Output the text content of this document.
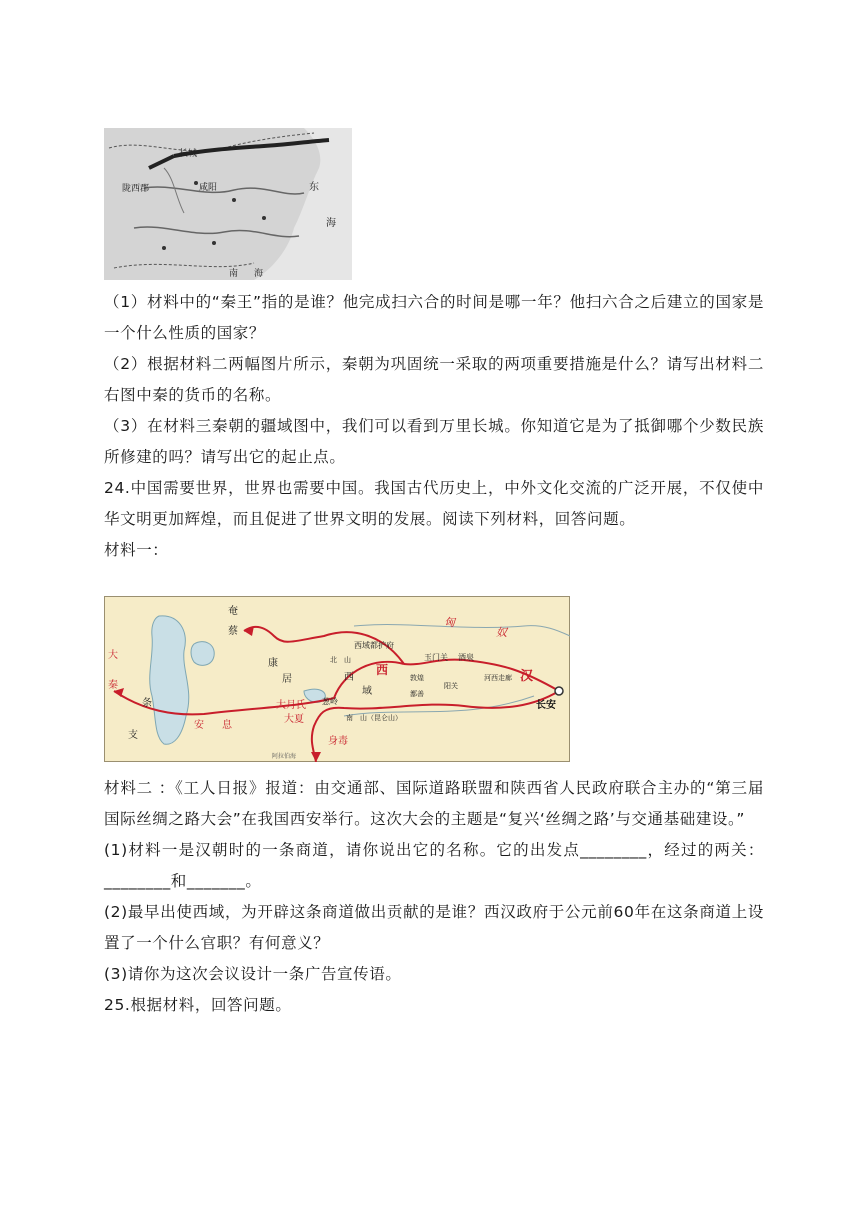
长城
陇西郡	咸阳	东
海
南 海

（1）材料中的“秦王”指的是谁？他完成扫六合的时间是哪一年？他扫六合之后建立的国家是一个什么性质的国家？

（2）根据材料二两幅图片所示，秦朝为巩固统一采取的两项重要措施是什么？请写出材料二右图中秦的货币的名称。

（3）在材料三秦朝的疆域图中，我们可以看到万里长城。你知道它是为了抵御哪个少数民族所修建的吗？请写出它的起止点。

24.中国需要世界，世界也需要中国。我国古代历史上，中外文化交流的广泛开展，不仅使中华文明更加辉煌，而且促进了世界文明的发展。阅读下列材料，回答问题。

材料一：

匈
奴
奄
蔡
康
居
大
秦
条
支
安 息
大月氏
大夏
葱岭
西
域
西
西域都护府
北　山
南　山（昆仑山）
玉门关 酒泉
阳关
敦煌
鄯善
河西走廊 汉
长安
身毒
阿拉伯海

材料二 ：《工人日报》报道：由交通部、国际道路联盟和陕西省人民政府联合主办的“第三届国际丝绸之路大会”在我国西安举行。这次大会的主题是“复兴‘丝绸之路’与交通基础建设。”

(1)材料一是汉朝时的一条商道，请你说出它的名称。它的出发点________，经过的两关：________和_______。

(2)最早出使西域，为开辟这条商道做出贡献的是谁？西汉政府于公元前60年在这条商道上设置了一个什么官职？有何意义？

(3)请你为这次会议设计一条广告宣传语。

25.根据材料，回答问题。
